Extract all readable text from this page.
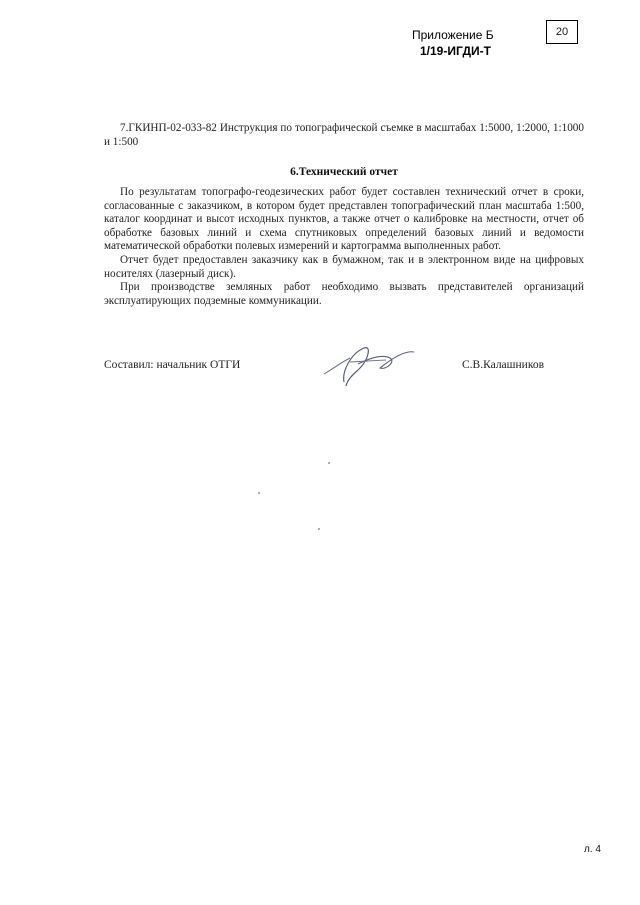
Приложение Б
1/19-ИГДИ-Т
20

7.ГКИНП-02-033-82 Инструкция по топографической съемке в масштабах 1:5000, 1:2000, 1:1000 и 1:500

6.Технический отчет

По результатам топографо-геодезических работ будет составлен технический отчет в сроки, согласованные с заказчиком, в котором будет представлен топографический план масштаба 1:500, каталог координат и высот исходных пунктов, а также отчет о калибровке на местности, отчет об обработке базовых линий и схема спутниковых определений базовых линий и ведомости математической обработки полевых измерений и картограмма выполненных работ.

Отчет будет предоставлен заказчику как в бумажном, так и в электронном виде на цифровых носителях (лазерный диск).

При производстве земляных работ необходимо вызвать представителей организаций эксплуатирующих подземные коммуникации.

Составил: начальник ОТГИ	С.В.Калашников
л. 4
